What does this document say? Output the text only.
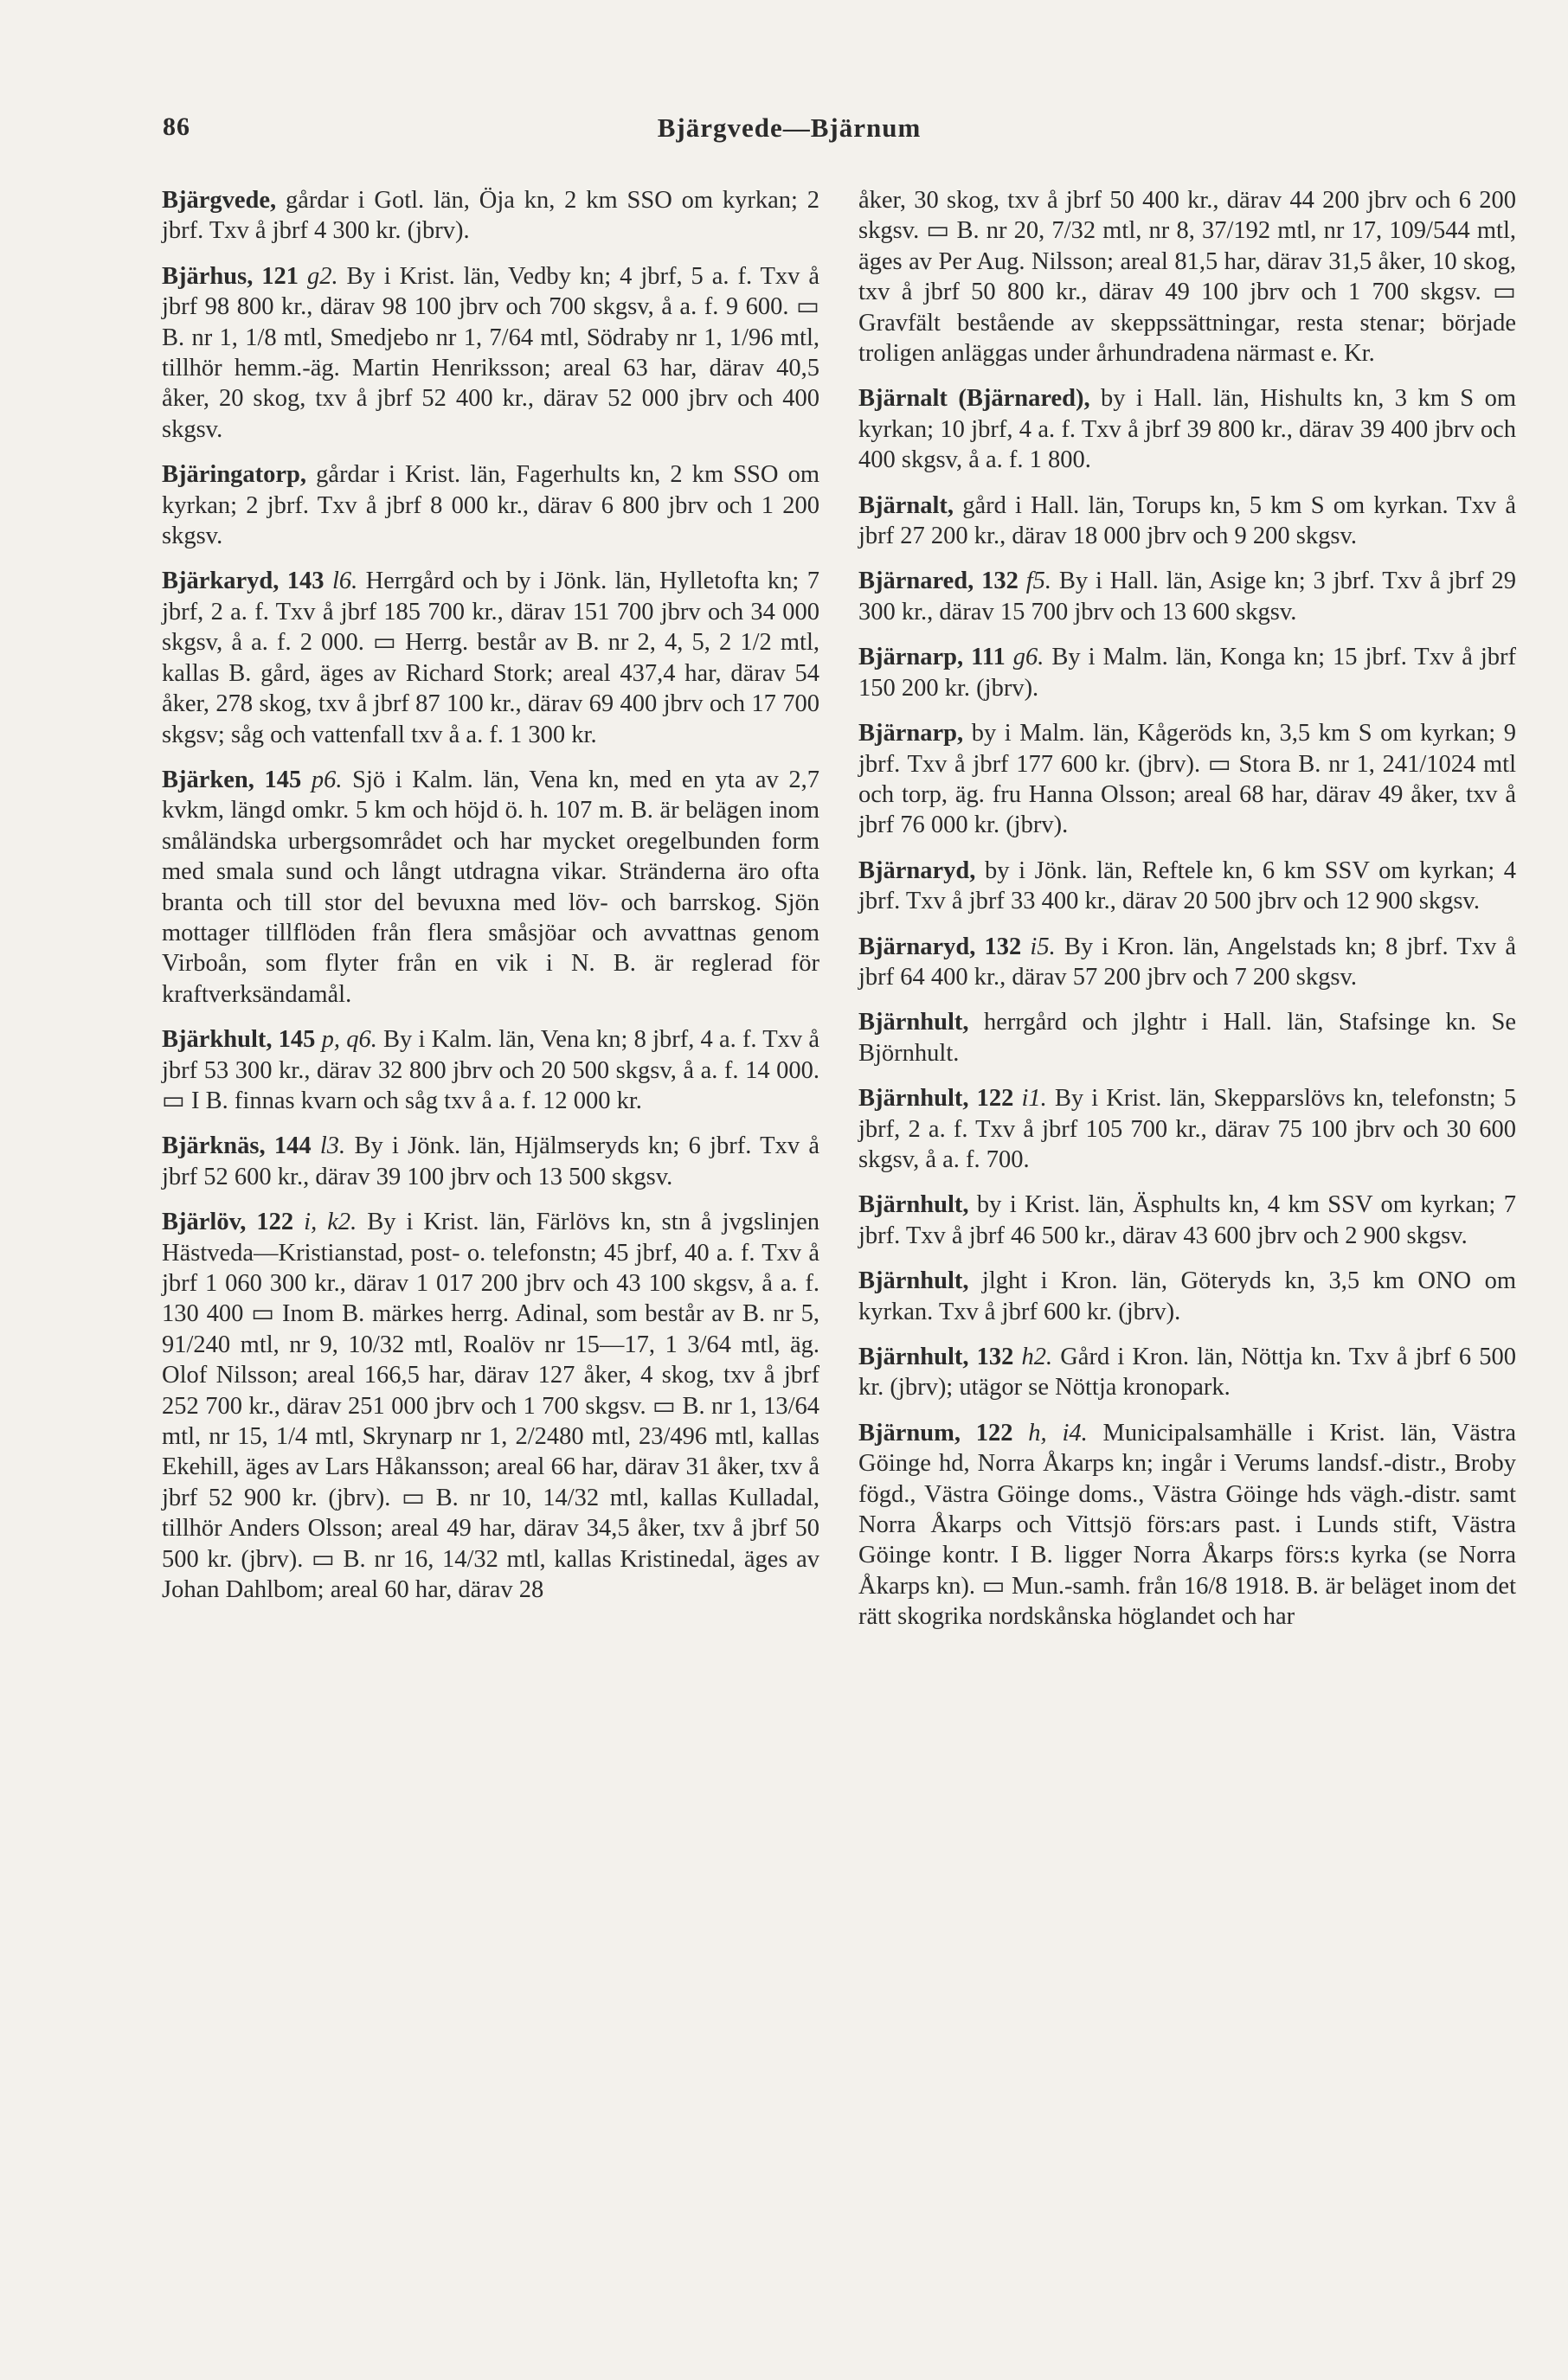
86	Bjärgvede—Bjärnum

Bjärgvede, gårdar i Gotl. län, Öja kn, 2 km SSO om kyrkan; 2 jbrf. Txv å jbrf 4 300 kr. (jbrv).

Bjärhus, 121 g2. By i Krist. län, Vedby kn; 4 jbrf, 5 a. f. Txv å jbrf 98 800 kr., därav 98 100 jbrv och 700 skgsv, å a. f. 9 600. ▭ B. nr 1, 1/8 mtl, Smedjebo nr 1, 7/64 mtl, Södraby nr 1, 1/96 mtl, tillhör hemm.-äg. Martin Henriksson; areal 63 har, därav 40,5 åker, 20 skog, txv å jbrf 52 400 kr., därav 52 000 jbrv och 400 skgsv.

Bjäringatorp, gårdar i Krist. län, Fagerhults kn, 2 km SSO om kyrkan; 2 jbrf. Txv å jbrf 8 000 kr., därav 6 800 jbrv och 1 200 skgsv.

Bjärkaryd, 143 l6. Herrgård och by i Jönk. län, Hylletofta kn; 7 jbrf, 2 a. f. Txv å jbrf 185 700 kr., därav 151 700 jbrv och 34 000 skgsv, å a. f. 2 000. ▭ Herrg. består av B. nr 2, 4, 5, 2 1/2 mtl, kallas B. gård, äges av Richard Stork; areal 437,4 har, därav 54 åker, 278 skog, txv å jbrf 87 100 kr., därav 69 400 jbrv och 17 700 skgsv; såg och vattenfall txv å a. f. 1 300 kr.

Bjärken, 145 p6. Sjö i Kalm. län, Vena kn, med en yta av 2,7 kvkm, längd omkr. 5 km och höjd ö. h. 107 m. B. är belägen inom småländska urbergsområdet och har mycket oregelbunden form med smala sund och långt utdragna vikar. Stränderna äro ofta branta och till stor del bevuxna med löv- och barrskog. Sjön mottager tillflöden från flera småsjöar och avvattnas genom Virboån, som flyter från en vik i N. B. är reglerad för kraftverksändamål.

Bjärkhult, 145 p, q6. By i Kalm. län, Vena kn; 8 jbrf, 4 a. f. Txv å jbrf 53 300 kr., därav 32 800 jbrv och 20 500 skgsv, å a. f. 14 000. ▭ I B. finnas kvarn och såg txv å a. f. 12 000 kr.

Bjärknäs, 144 l3. By i Jönk. län, Hjälmseryds kn; 6 jbrf. Txv å jbrf 52 600 kr., därav 39 100 jbrv och 13 500 skgsv.

Bjärlöv, 122 i, k2. By i Krist. län, Färlövs kn, stn å jvgslinjen Hästveda—Kristianstad, post- o. telefonstn; 45 jbrf, 40 a. f. Txv å jbrf 1 060 300 kr., därav 1 017 200 jbrv och 43 100 skgsv, å a. f. 130 400 ▭ Inom B. märkes herrg. Adinal, som består av B. nr 5, 91/240 mtl, nr 9, 10/32 mtl, Roalöv nr 15—17, 1 3/64 mtl, äg. Olof Nilsson; areal 166,5 har, därav 127 åker, 4 skog, txv å jbrf 252 700 kr., därav 251 000 jbrv och 1 700 skgsv. ▭ B. nr 1, 13/64 mtl, nr 15, 1/4 mtl, Skrynarp nr 1, 2/2480 mtl, 23/496 mtl, kallas Ekehill, äges av Lars Håkansson; areal 66 har, därav 31 åker, txv å jbrf 52 900 kr. (jbrv). ▭ B. nr 10, 14/32 mtl, kallas Kulladal, tillhör Anders Olsson; areal 49 har, därav 34,5 åker, txv å jbrf 50 500 kr. (jbrv). ▭ B. nr 16, 14/32 mtl, kallas Kristinedal, äges av Johan Dahlbom; areal 60 har, därav 28

åker, 30 skog, txv å jbrf 50 400 kr., därav 44 200 jbrv och 6 200 skgsv. ▭ B. nr 20, 7/32 mtl, nr 8, 37/192 mtl, nr 17, 109/544 mtl, äges av Per Aug. Nilsson; areal 81,5 har, därav 31,5 åker, 10 skog, txv å jbrf 50 800 kr., därav 49 100 jbrv och 1 700 skgsv. ▭ Gravfält bestående av skeppssättningar, resta stenar; började troligen anläggas under århundradena närmast e. Kr.

Bjärnalt (Bjärnared), by i Hall. län, Hishults kn, 3 km S om kyrkan; 10 jbrf, 4 a. f. Txv å jbrf 39 800 kr., därav 39 400 jbrv och 400 skgsv, å a. f. 1 800.

Bjärnalt, gård i Hall. län, Torups kn, 5 km S om kyrkan. Txv å jbrf 27 200 kr., därav 18 000 jbrv och 9 200 skgsv.

Bjärnared, 132 f5. By i Hall. län, Asige kn; 3 jbrf. Txv å jbrf 29 300 kr., därav 15 700 jbrv och 13 600 skgsv.

Bjärnarp, 111 g6. By i Malm. län, Konga kn; 15 jbrf. Txv å jbrf 150 200 kr. (jbrv).

Bjärnarp, by i Malm. län, Kågeröds kn, 3,5 km S om kyrkan; 9 jbrf. Txv å jbrf 177 600 kr. (jbrv). ▭ Stora B. nr 1, 241/1024 mtl och torp, äg. fru Hanna Olsson; areal 68 har, därav 49 åker, txv å jbrf 76 000 kr. (jbrv).

Bjärnaryd, by i Jönk. län, Reftele kn, 6 km SSV om kyrkan; 4 jbrf. Txv å jbrf 33 400 kr., därav 20 500 jbrv och 12 900 skgsv.

Bjärnaryd, 132 i5. By i Kron. län, Angelstads kn; 8 jbrf. Txv å jbrf 64 400 kr., därav 57 200 jbrv och 7 200 skgsv.

Bjärnhult, herrgård och jlghtr i Hall. län, Stafsinge kn. Se Björnhult.

Bjärnhult, 122 i1. By i Krist. län, Skepparslövs kn, telefonstn; 5 jbrf, 2 a. f. Txv å jbrf 105 700 kr., därav 75 100 jbrv och 30 600 skgsv, å a. f. 700.

Bjärnhult, by i Krist. län, Äsphults kn, 4 km SSV om kyrkan; 7 jbrf. Txv å jbrf 46 500 kr., därav 43 600 jbrv och 2 900 skgsv.

Bjärnhult, jlght i Kron. län, Göteryds kn, 3,5 km ONO om kyrkan. Txv å jbrf 600 kr. (jbrv).

Bjärnhult, 132 h2. Gård i Kron. län, Nöttja kn. Txv å jbrf 6 500 kr. (jbrv); utägor se Nöttja kronopark.

Bjärnum, 122 h, i4. Municipalsamhälle i Krist. län, Västra Göinge hd, Norra Åkarps kn; ingår i Verums landsf.-distr., Broby fögd., Västra Göinge doms., Västra Göinge hds vägh.-distr. samt Norra Åkarps och Vittsjö förs:ars past. i Lunds stift, Västra Göinge kontr. I B. ligger Norra Åkarps förs:s kyrka (se Norra Åkarps kn). ▭ Mun.-samh. från 16/8 1918. B. är beläget inom det rätt skogrika nordskånska höglandet och har
